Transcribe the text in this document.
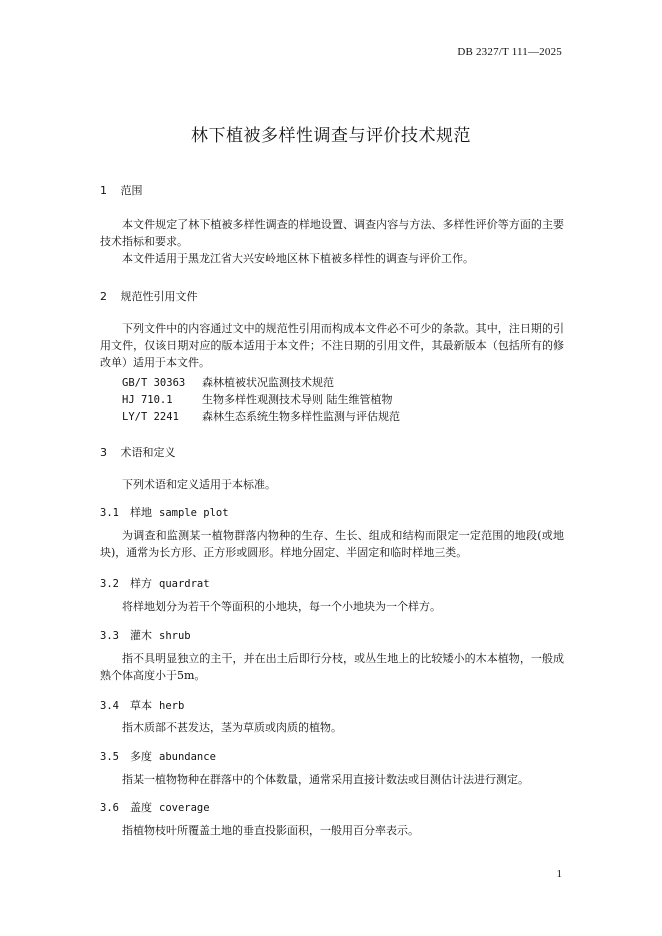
DB 2327/T 111—2025
林下植被多样性调查与评价技术规范
1 范围
本文件规定了林下植被多样性调查的样地设置、调查内容与方法、多样性评价等方面的主要技术指标和要求。
本文件适用于黑龙江省大兴安岭地区林下植被多样性的调查与评价工作。
2 规范性引用文件
下列文件中的内容通过文中的规范性引用而构成本文件必不可少的条款。其中，注日期的引用文件，仅该日期对应的版本适用于本文件；不注日期的引用文件，其最新版本（包括所有的修改单）适用于本文件。
GB/T 30363 森林植被状况监测技术规范
HJ 710.1	生物多样性观测技术导则 陆生维管植物
LY/T 2241 森林生态系统生物多样性监测与评估规范
3 术语和定义
下列术语和定义适用于本标准。
3.1 样地 sample plot
为调查和监测某一植物群落内物种的生存、生长、组成和结构而限定一定范围的地段(或地块)，通常为长方形、正方形或圆形。样地分固定、半固定和临时样地三类。
3.2 样方 quardrat
将样地划分为若干个等面积的小地块，每一个小地块为一个样方。
3.3 灌木 shrub
指不具明显独立的主干，并在出土后即行分枝，或丛生地上的比较矮小的木本植物，一般成熟个体高度小于5m。
3.4 草本 herb
指木质部不甚发达，茎为草质或肉质的植物。
3.5 多度 abundance
指某一植物物种在群落中的个体数量，通常采用直接计数法或目测估计法进行测定。
3.6 盖度 coverage
指植物枝叶所覆盖土地的垂直投影面积，一般用百分率表示。
1
